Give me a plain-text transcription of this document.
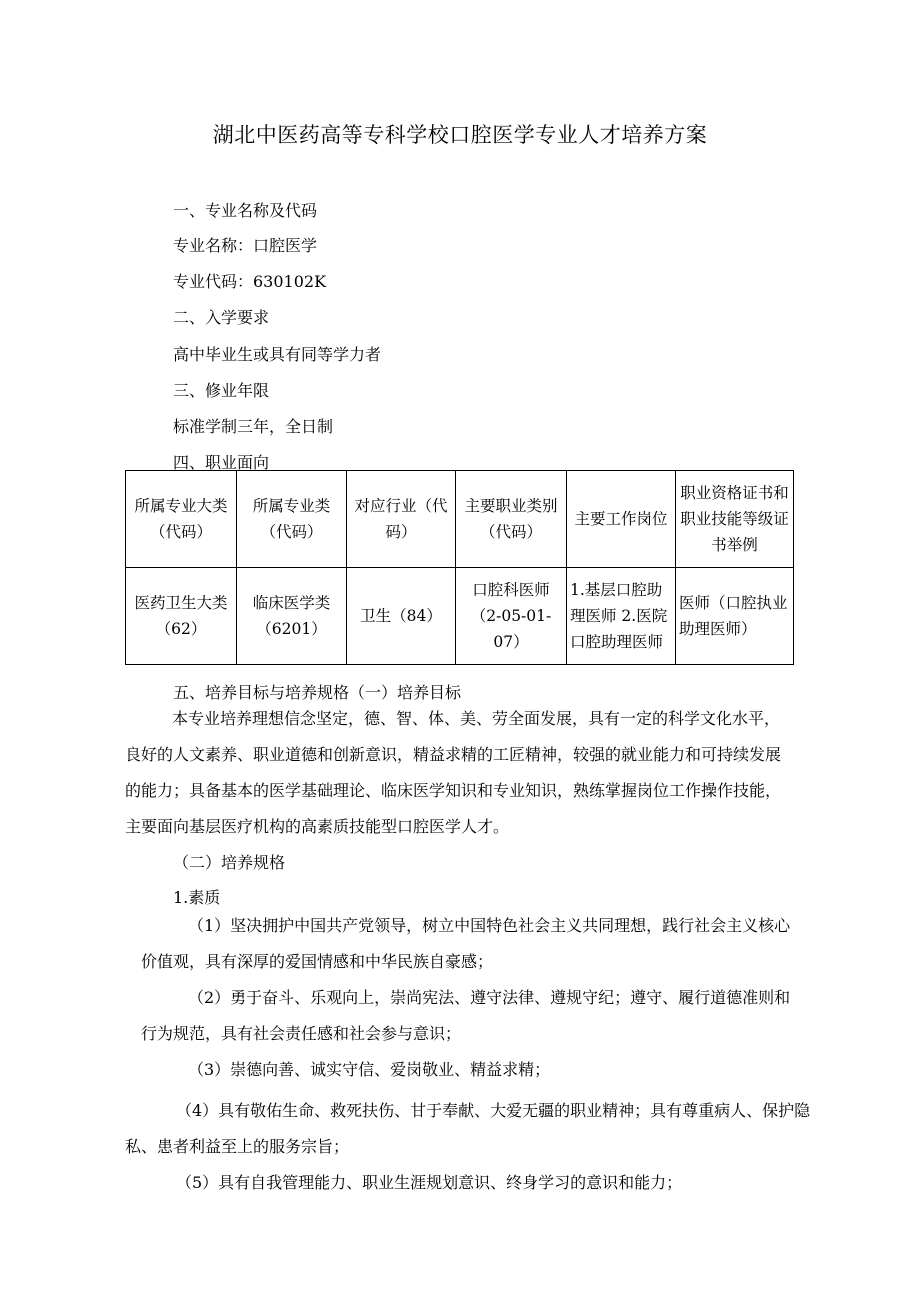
湖北中医药高等专科学校口腔医学专业人才培养方案
一、专业名称及代码
专业名称：口腔医学
专业代码：630102K
二、入学要求
高中毕业生或具有同等学力者
三、修业年限
标准学制三年，全日制
四、职业面向
所属专业大类（代码）	所属专业类（代码）	对应行业（代码）	主要职业类别（代码）	主要工作岗位	职业资格证书和职业技能等级证书举例
医药卫生大类（62）	临床医学类（6201）	卫生（84）	口腔科医师（2-05-01-07）	1.基层口腔助理医师 2.医院口腔助理医师	医师（口腔执业助理医师）
五、培养目标与培养规格（一）培养目标
本专业培养理想信念坚定，德、智、体、美、劳全面发展，具有一定的科学文化水平，良好的人文素养、职业道德和创新意识，精益求精的工匠精神，较强的就业能力和可持续发展的能力；具备基本的医学基础理论、临床医学知识和专业知识，熟练掌握岗位工作操作技能，主要面向基层医疗机构的高素质技能型口腔医学人才。
（二）培养规格
1.素质
（1）坚决拥护中国共产党领导，树立中国特色社会主义共同理想，践行社会主义核心价值观，具有深厚的爱国情感和中华民族自豪感；
（2）勇于奋斗、乐观向上，崇尚宪法、遵守法律、遵规守纪；遵守、履行道德准则和行为规范，具有社会责任感和社会参与意识；
（3）崇德向善、诚实守信、爱岗敬业、精益求精；
（4）具有敬佑生命、救死扶伤、甘于奉献、大爱无疆的职业精神；具有尊重病人、保护隐私、患者利益至上的服务宗旨；
（5）具有自我管理能力、职业生涯规划意识、终身学习的意识和能力；
